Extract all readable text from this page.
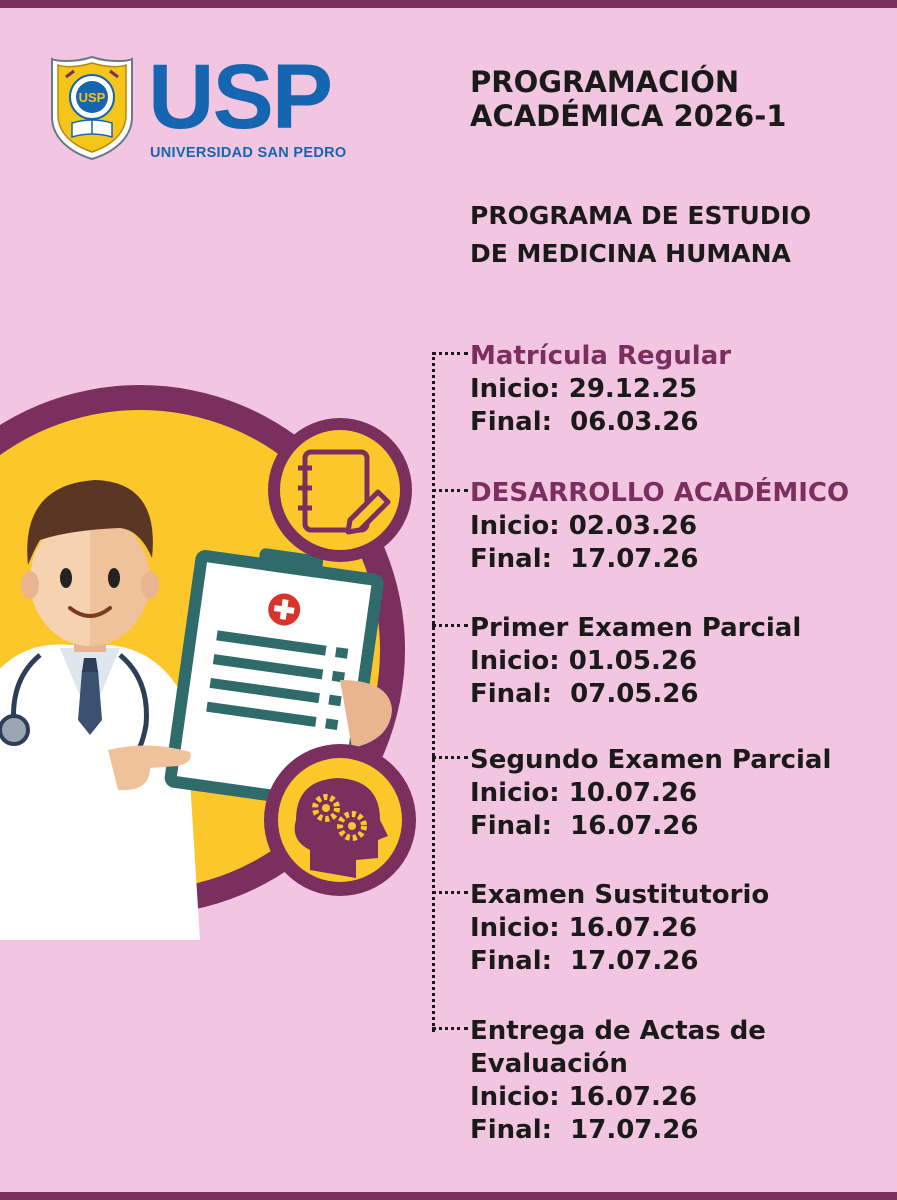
USP USP
UNIVERSIDAD SAN PEDRO
PROGRAMACIÓN
ACADÉMICA 2026-1
PROGRAMA DE ESTUDIO
DE MEDICINA HUMANA
Matrícula Regular
Inicio: 29.12.25
Final:  06.03.26
DESARROLLO ACADÉMICO
Inicio: 02.03.26
Final:  17.07.26
Primer Examen Parcial
Inicio: 01.05.26
Final:  07.05.26
Segundo Examen Parcial
Inicio: 10.07.26
Final:  16.07.26
Examen Sustitutorio
Inicio: 16.07.26
Final:  17.07.26
Entrega de Actas de
Evaluación
Inicio: 16.07.26
Final:  17.07.26
